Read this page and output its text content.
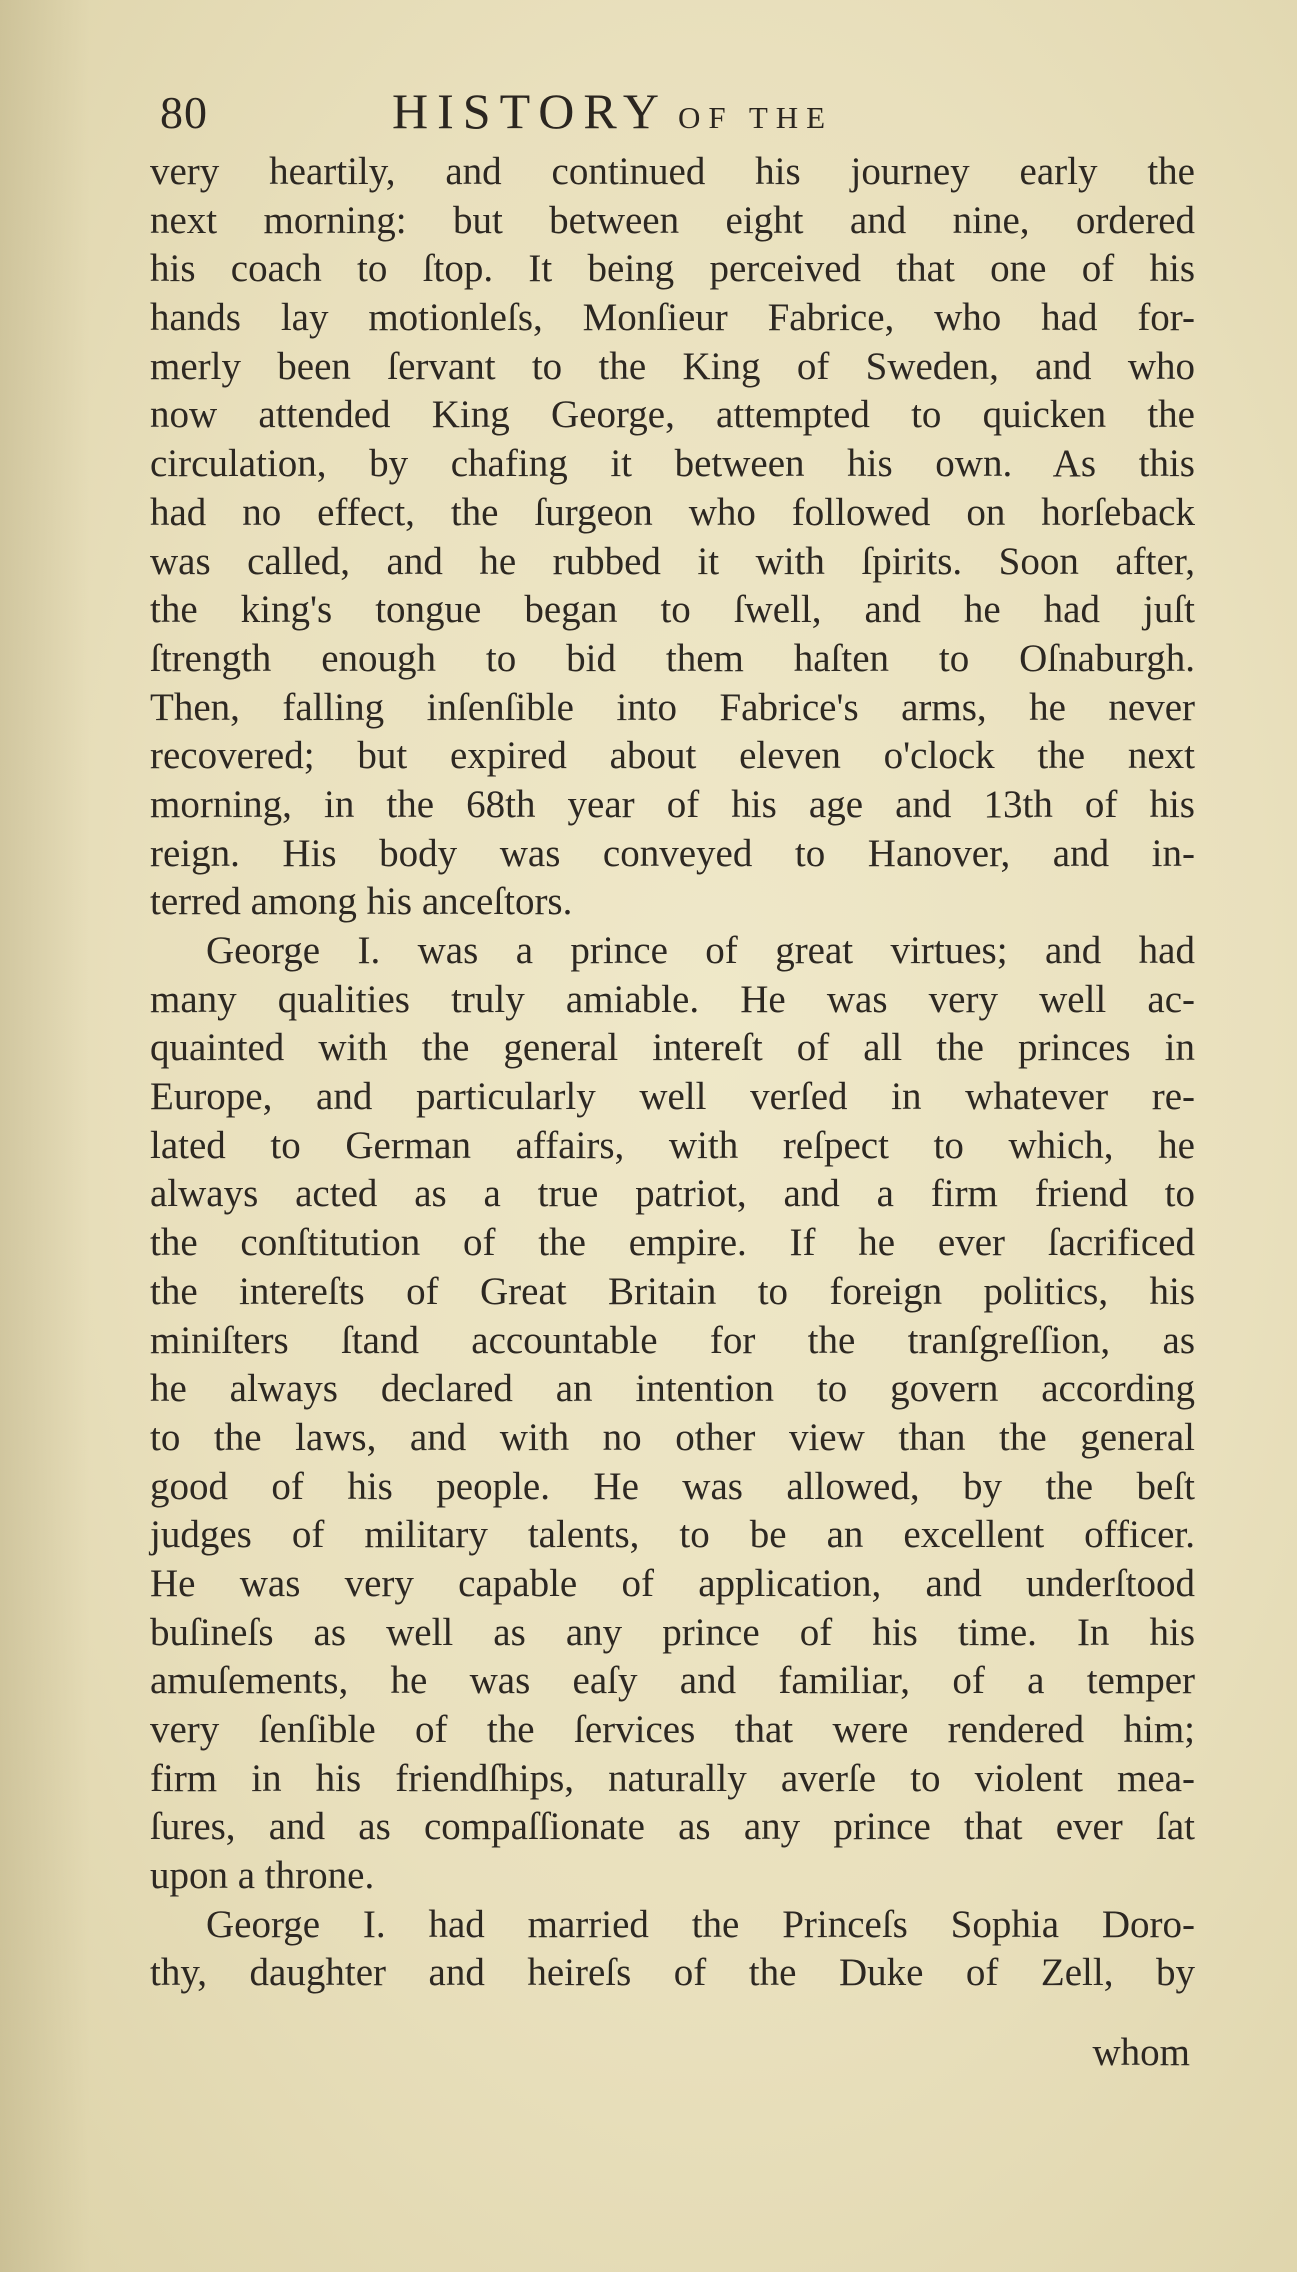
80	HISTORY OF THE
very heartily, and continued his journey early the
next morning: but between eight and nine, ordered
his coach to ſtop. It being perceived that one of his
hands lay motionleſs, Monſieur Fabrice, who had for-
merly been ſervant to the King of Sweden, and who
now attended King George, attempted to quicken the
circulation, by chafing it between his own. As this
had no effect, the ſurgeon who followed on horſeback
was called, and he rubbed it with ſpirits. Soon after,
the king's tongue began to ſwell, and he had juſt
ſtrength enough to bid them haſten to Oſnaburgh.
Then, falling inſenſible into Fabrice's arms, he never
recovered; but expired about eleven o'clock the next
morning, in the 68th year of his age and 13th of his
reign. His body was conveyed to Hanover, and in-
terred among his anceſtors.
George I. was a prince of great virtues; and had
many qualities truly amiable. He was very well ac-
quainted with the general intereſt of all the princes in
Europe, and particularly well verſed in whatever re-
lated to German affairs, with reſpect to which, he
always acted as a true patriot, and a firm friend to
the conſtitution of the empire. If he ever ſacrificed
the intereſts of Great Britain to foreign politics, his
miniſters ſtand accountable for the tranſgreſſion, as
he always declared an intention to govern according
to the laws, and with no other view than the general
good of his people. He was allowed, by the beſt
judges of military talents, to be an excellent officer.
He was very capable of application, and underſtood
buſineſs as well as any prince of his time. In his
amuſements, he was eaſy and familiar, of a temper
very ſenſible of the ſervices that were rendered him;
firm in his friendſhips, naturally averſe to violent mea-
ſures, and as compaſſionate as any prince that ever ſat
upon a throne.
George I. had married the Princeſs Sophia Doro-
thy, daughter and heireſs of the Duke of Zell, by
whom
